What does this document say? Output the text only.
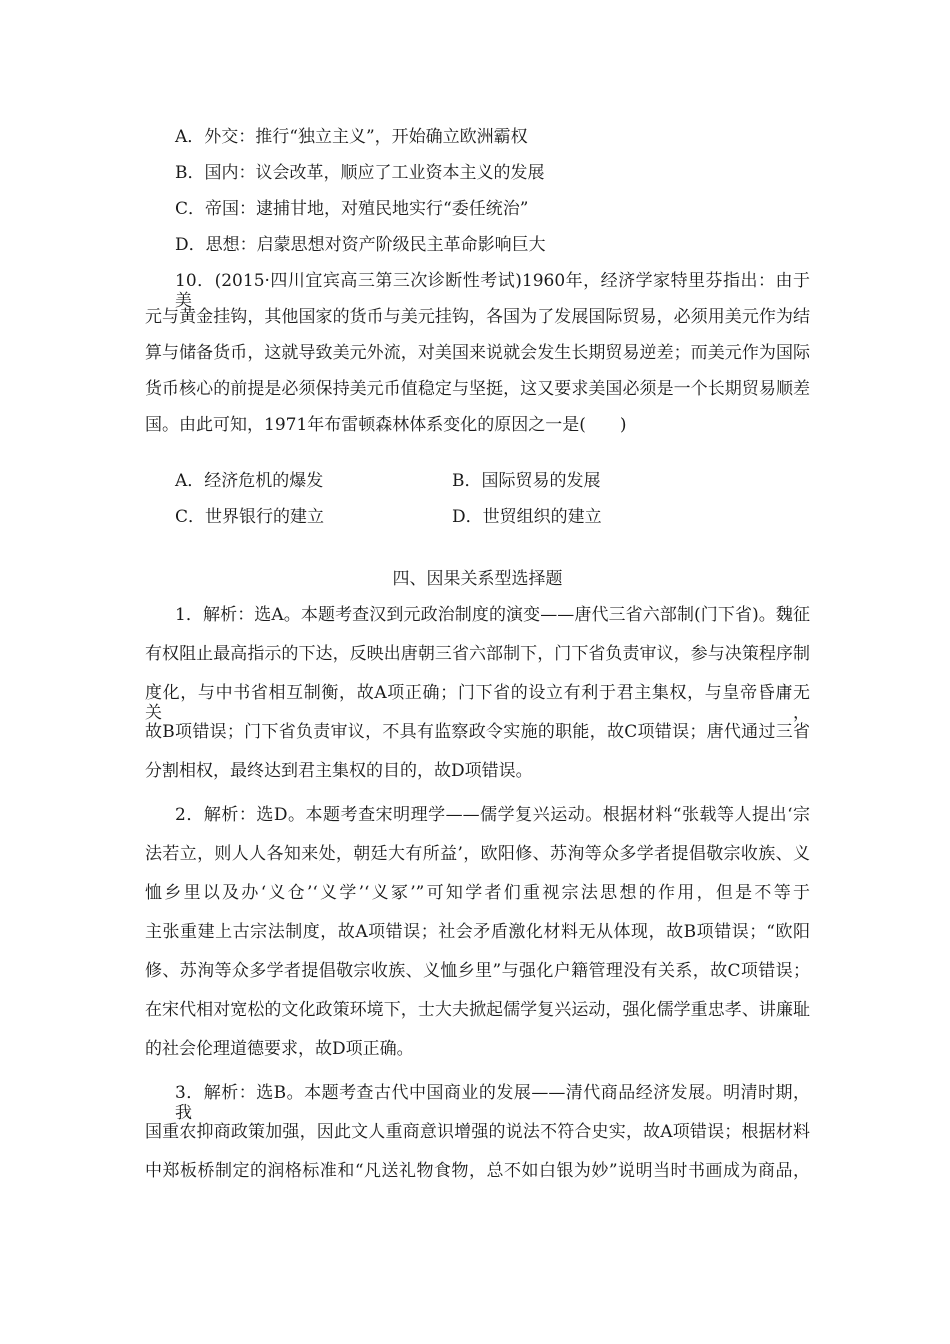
A．外交：推行“独立主义”，开始确立欧洲霸权
B．国内：议会改革，顺应了工业资本主义的发展
C．帝国：逮捕甘地，对殖民地实行“委任统治”
D．思想：启蒙思想对资产阶级民主革命影响巨大
10．(2015·四川宜宾高三第三次诊断性考试)1960年，经济学家特里芬指出：由于美
元与黄金挂钩，其他国家的货币与美元挂钩，各国为了发展国际贸易，必须用美元作为结
算与储备货币，这就导致美元外流，对美国来说就会发生长期贸易逆差；而美元作为国际
货币核心的前提是必须保持美元币值稳定与坚挺，这又要求美国必须是一个长期贸易顺差
国。由此可知，1971年布雷顿森林体系变化的原因之一是(　　)
A．经济危机的爆发	B．国际贸易的发展
C．世界银行的建立	D．世贸组织的建立
四、因果关系型选择题
1．解析：选A。本题考查汉到元政治制度的演变——唐代三省六部制(门下省)。魏征
有权阻止最高指示的下达，反映出唐朝三省六部制下，门下省负责审议，参与决策程序制
度化，与中书省相互制衡，故A项正确；门下省的设立有利于君主集权，与皇帝昏庸无关，
故B项错误；门下省负责审议，不具有监察政令实施的职能，故C项错误；唐代通过三省
分割相权，最终达到君主集权的目的，故D项错误。
2．解析：选D。本题考查宋明理学——儒学复兴运动。根据材料“张载等人提出‘宗
法若立，则人人各知来处，朝廷大有所益’，欧阳修、苏洵等众多学者提倡敬宗收族、义
恤乡里以及办‘义仓’‘义学’‘义冢’”可知学者们重视宗法思想的作用，但是不等于
主张重建上古宗法制度，故A项错误；社会矛盾激化材料无从体现，故B项错误；“欧阳
修、苏洵等众多学者提倡敬宗收族、义恤乡里”与强化户籍管理没有关系，故C项错误；
在宋代相对宽松的文化政策环境下，士大夫掀起儒学复兴运动，强化儒学重忠孝、讲廉耻
的社会伦理道德要求，故D项正确。
3．解析：选B。本题考查古代中国商业的发展——清代商品经济发展。明清时期，我
国重农抑商政策加强，因此文人重商意识增强的说法不符合史实，故A项错误；根据材料
中郑板桥制定的润格标准和“凡送礼物食物，总不如白银为妙”说明当时书画成为商品，
